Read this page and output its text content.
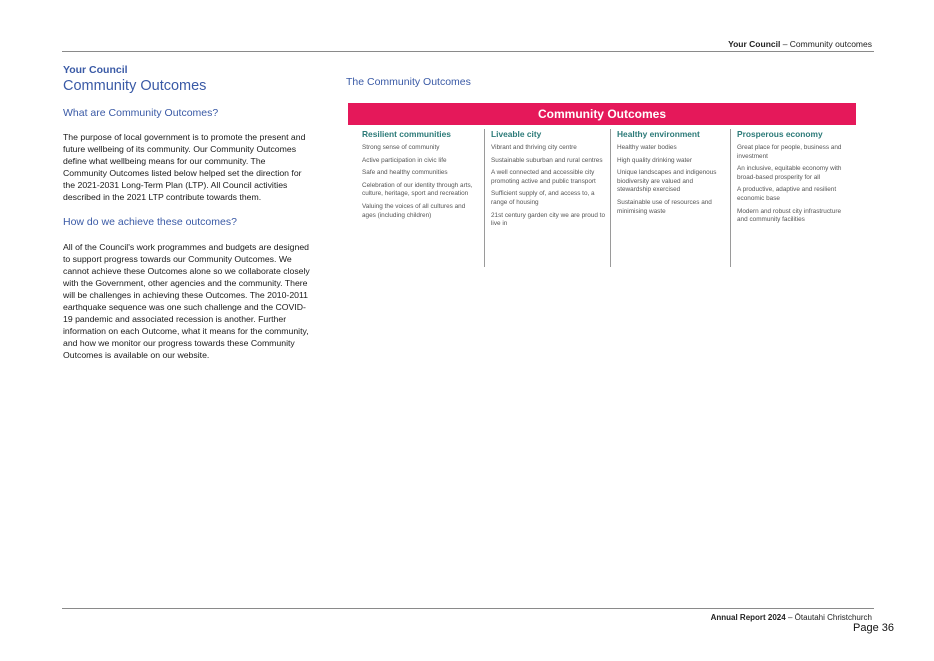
Your Council – Community outcomes

Your Council

Community Outcomes
What are Community Outcomes?

The purpose of local government is to promote the present and future wellbeing of its community. Our Community Outcomes define what wellbeing means for our community. The Community Outcomes listed below helped set the direction for the 2021-2031 Long-Term Plan (LTP). All Council activities described in the 2021 LTP contribute towards them.

How do we achieve these outcomes?

All of the Council's work programmes and budgets are designed to support progress towards our Community Outcomes. We cannot achieve these Outcomes alone so we collaborate closely with the Government, other agencies and the community. There will be challenges in achieving these Outcomes. The 2010-2011 earthquake sequence was one such challenge and the COVID-19 pandemic and associated recession is another. Further information on each Outcome, what it means for the community, and how we monitor our progress towards these Community Outcomes is available on our website.

The Community Outcomes
Community Outcomes

Resilient communities

Strong sense of community

Active participation in civic life

Safe and healthy communities

Celebration of our identity through arts, culture, heritage, sport and recreation

Valuing the voices of all cultures and ages (including children)

Liveable city

Vibrant and thriving city centre

Sustainable suburban and rural centres

A well connected and accessible city promoting active and public transport

Sufficient supply of, and access to, a range of housing

21st century garden city we are proud to live in

Healthy environment

Healthy water bodies

High quality drinking water

Unique landscapes and indigenous biodiversity are valued and stewardship exercised

Sustainable use of resources and minimising waste

Prosperous economy

Great place for people, business and investment

An inclusive, equitable economy with broad-based prosperity for all

A productive, adaptive and resilient economic base

Modern and robust city infrastructure and community facilities

Annual Report 2024 – Ōtautahi Christchurch
Page 36
